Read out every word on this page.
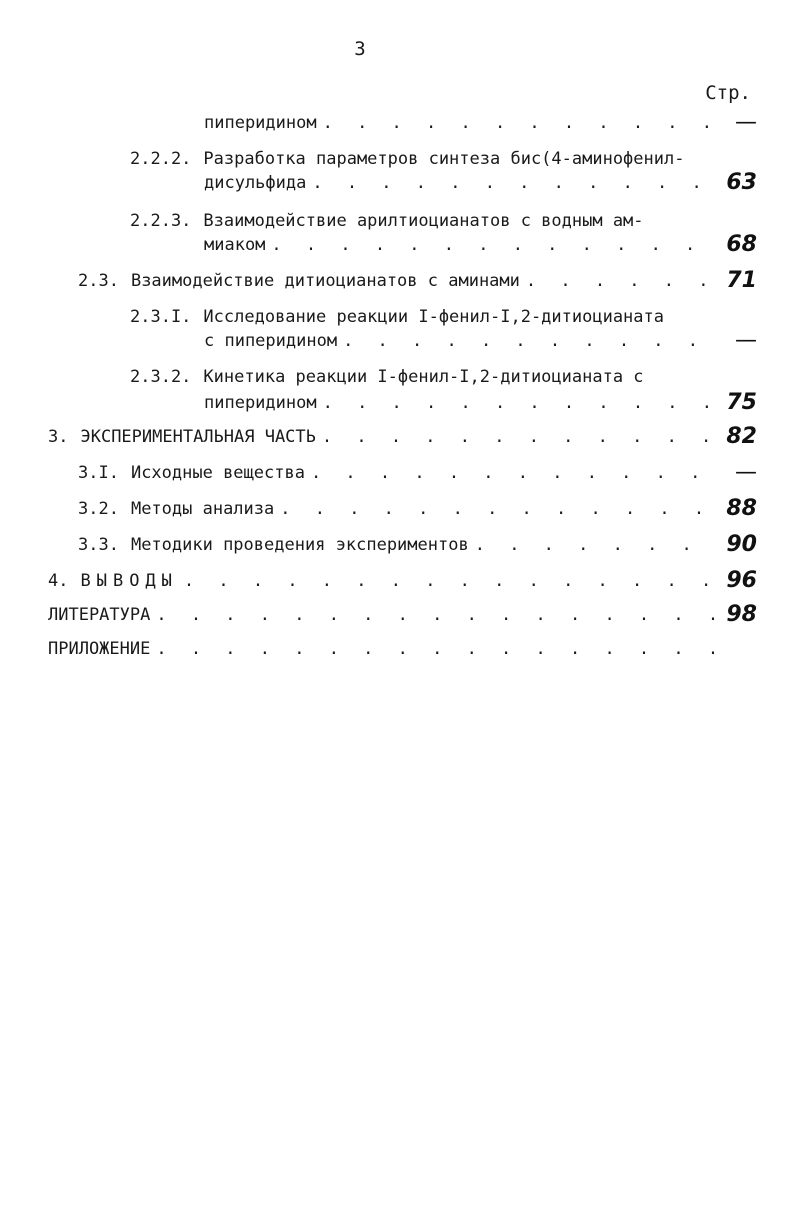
3
Стр.
пиперидином . . .	—
2.2.2. Разработка параметров синтеза бис(4-аминофенил-
дисульфида . . .	63
2.2.3. Взаимодействие арилтиоцианатов с водным ам-
миаком . . .	68
2.3. Взаимодействие дитиоцианатов с аминами . . .	71
2.3.I. Исследование реакции I-фенил-I,2-дитиоцианата
с пиперидином . . .	—
2.3.2. Кинетика реакции I-фенил-I,2-дитиоцианата с
пиперидином . . .	75
3. ЭКСПЕРИМЕНТАЛЬНАЯ ЧАСТЬ . . .	82
3.I. Исходные вещества . . .	—
3.2. Методы анализа . . .	88
3.3. Методики проведения экспериментов . . .	90
4. ВЫВОДЫ . . .	96
ЛИТЕРАТУРА . . .	98
ПРИЛОЖЕНИЕ
. . .
